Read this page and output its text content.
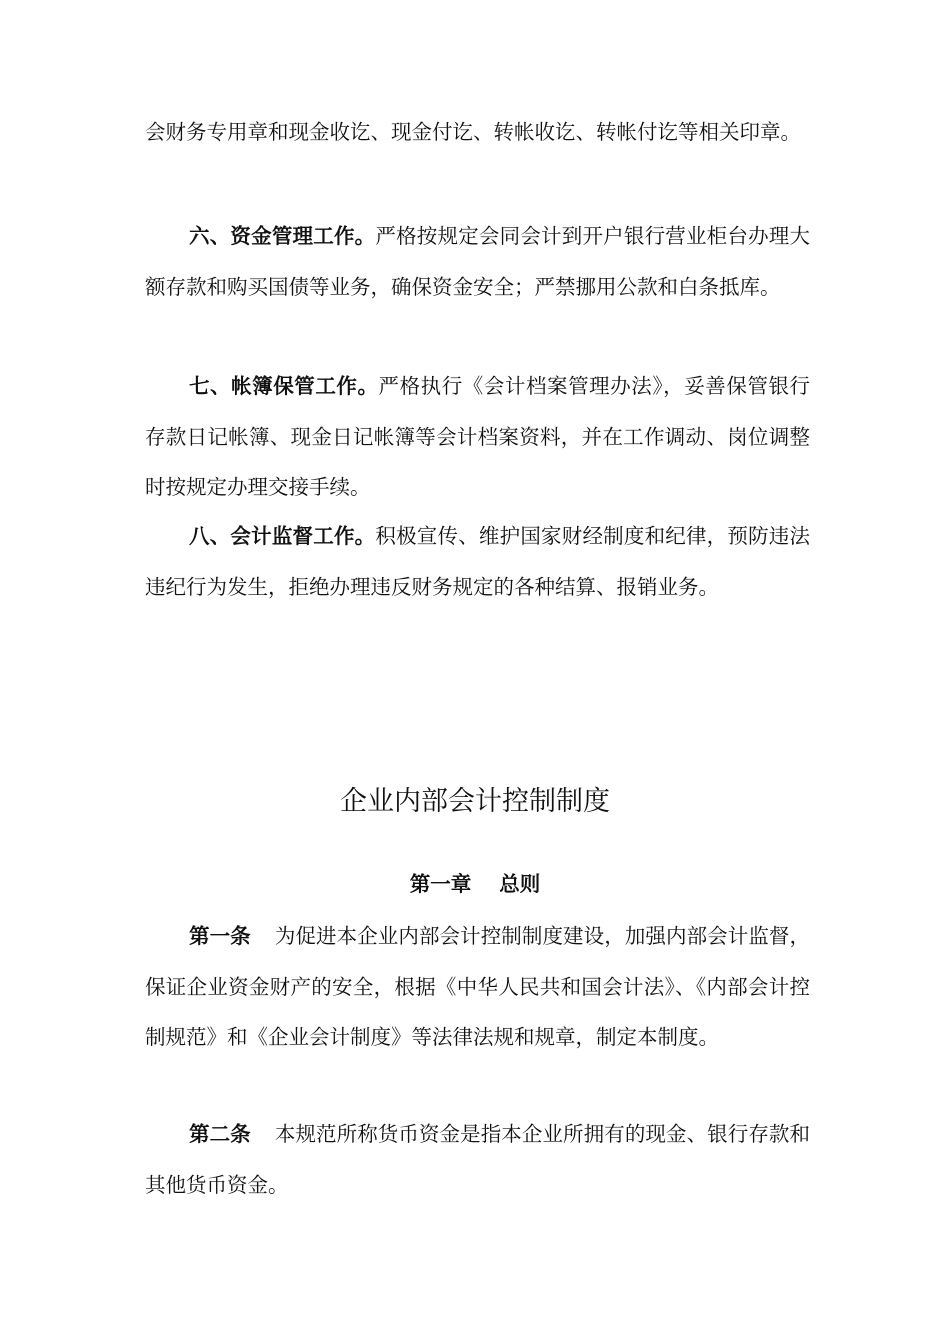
会财务专用章和现金收讫、现金付讫、转帐收讫、转帐付讫等相关印章。

六、资金管理工作。严格按规定会同会计到开户银行营业柜台办理大额存款和购买国债等业务，确保资金安全；严禁挪用公款和白条抵库。

七、帐簿保管工作。严格执行《会计档案管理办法》，妥善保管银行存款日记帐簿、现金日记帐簿等会计档案资料，并在工作调动、岗位调整时按规定办理交接手续。

八、会计监督工作。积极宣传、维护国家财经制度和纪律，预防违法违纪行为发生，拒绝办理违反财务规定的各种结算、报销业务。

企业内部会计控制制度
第一章 总则

第一条 为促进本企业内部会计控制制度建设，加强内部会计监督，保证企业资金财产的安全，根据《中华人民共和国会计法》、《内部会计控制规范》和《企业会计制度》等法律法规和规章，制定本制度。

第二条 本规范所称货币资金是指本企业所拥有的现金、银行存款和其他货币资金。
